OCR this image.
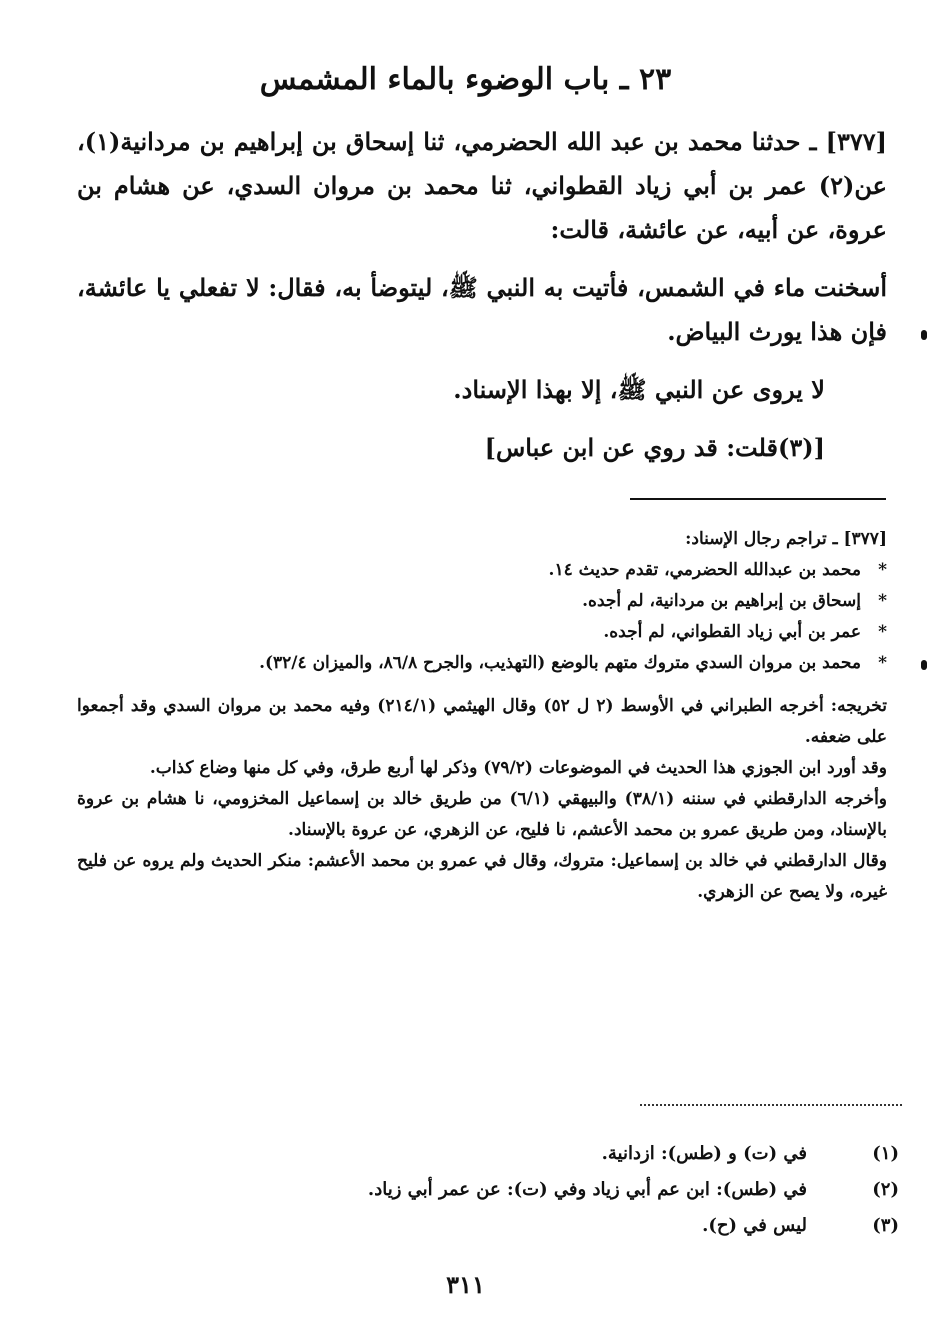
٢٣ ـ باب الوضوء بالماء المشمس

[٣٧٧] ـ حدثنا محمد بن عبد الله الحضرمي، ثنا إسحاق بن إبراهيم بن مردانية(١)، عن(٢) عمر بن أبي زياد القطواني، ثنا محمد بن مروان السدي، عن هشام بن عروة، عن أبيه، عن عائشة، قالت:

أسخنت ماء في الشمس، فأتيت به النبي ﷺ، ليتوضأ به، فقال: لا تفعلي يا عائشة، فإن هذا يورث البياض.

لا يروى عن النبي ﷺ، إلا بهذا الإسناد.

[(٣)قلت: قد روي عن ابن عباس]

[٣٧٧] ـ تراجم رجال الإسناد:

*
محمد بن عبدالله الحضرمي، تقدم حديث ١٤.

*
إسحاق بن إبراهيم بن مردانية، لم أجده.

*
عمر بن أبي زياد القطواني، لم أجده.

*
محمد بن مروان السدي متروك متهم بالوضع (التهذيب، والجرح ٨٦/٨، والميزان ٣٢/٤).

تخريجه: أخرجه الطبراني في الأوسط (٢ ل ٥٢) وقال الهيثمي (٢١٤/١) وفيه محمد بن مروان السدي وقد أجمعوا على ضعفه.

وقد أورد ابن الجوزي هذا الحديث في الموضوعات (٧٩/٢) وذكر لها أربع طرق، وفي كل منها وضاع كذاب.

وأخرجه الدارقطني في سننه (٣٨/١) والبيهقي (٦/١) من طريق خالد بن إسماعيل المخزومي، نا هشام بن عروة بالإسناد، ومن طريق عمرو بن محمد الأعشم، نا فليح، عن الزهري، عن عروة بالإسناد.

وقال الدارقطني في خالد بن إسماعيل: متروك، وقال في عمرو بن محمد الأعشم: منكر الحديث ولم يروه عن فليح غيره، ولا يصح عن الزهري.

(١)
في (ت) و (طس): ازدانية.
(٢)
في (طس): ابن عم أبي زياد وفي (ت): عن عمر أبي زياد.
(٣)
ليس في (ح).
٣١١
